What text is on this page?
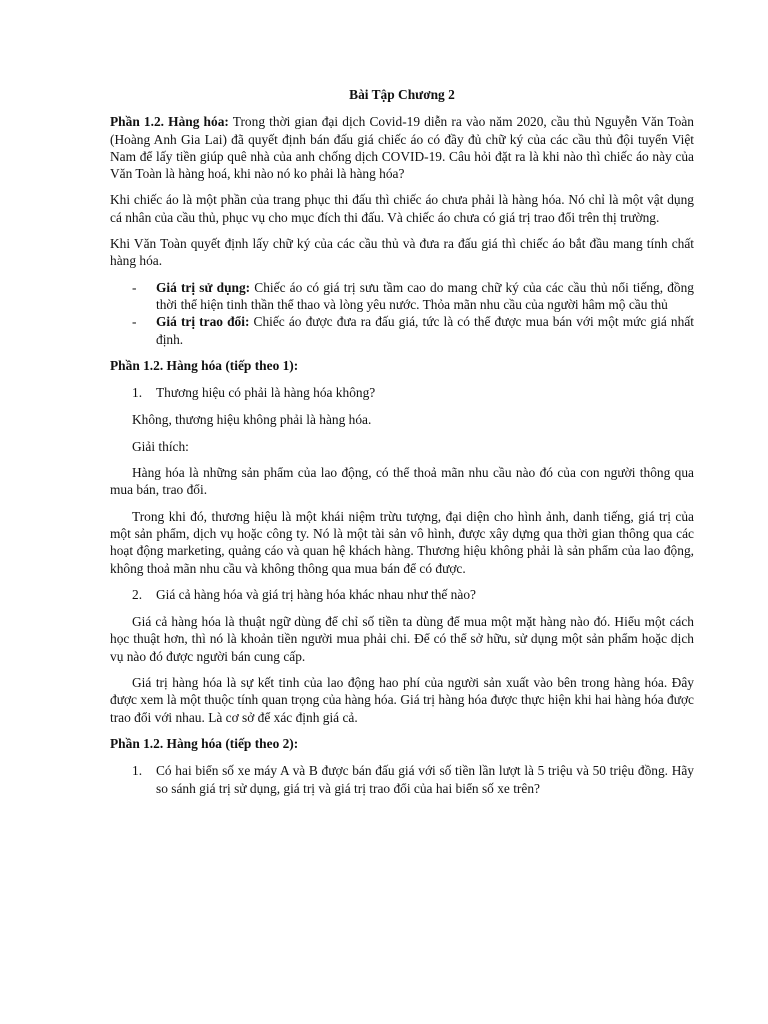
Bài Tập Chương 2

Phần 1.2. Hàng hóa: Trong thời gian đại dịch Covid-19 diễn ra vào năm 2020, cầu thủ Nguyễn Văn Toàn (Hoàng Anh Gia Lai) đã quyết định bán đấu giá chiếc áo có đầy đủ chữ ký của các cầu thủ đội tuyển Việt Nam để lấy tiền giúp quê nhà của anh chống dịch COVID-19. Câu hỏi đặt ra là khi nào thì chiếc áo này của Văn Toàn là hàng hoá, khi nào nó ko phải là hàng hóa?

Khi chiếc áo là một phần của trang phục thi đấu thì chiếc áo chưa phải là hàng hóa. Nó chỉ là một vật dụng cá nhân của cầu thủ, phục vụ cho mục đích thi đấu. Và chiếc áo chưa có giá trị trao đổi trên thị trường.

Khi Văn Toàn quyết định lấy chữ ký của các cầu thủ và đưa ra đấu giá thì chiếc áo bắt đầu mang tính chất hàng hóa.

- Giá trị sử dụng: Chiếc áo có giá trị sưu tầm cao do mang chữ ký của các cầu thủ nổi tiếng, đồng thời thể hiện tinh thần thể thao và lòng yêu nước. Thỏa mãn nhu cầu của người hâm mộ cầu thủ
- Giá trị trao đổi: Chiếc áo được đưa ra đấu giá, tức là có thể được mua bán với một mức giá nhất định.
Phần 1.2. Hàng hóa (tiếp theo 1):
1. Thương hiệu có phải là hàng hóa không?

Không, thương hiệu không phải là hàng hóa.

Giải thích:

Hàng hóa là những sản phẩm của lao động, có thể thoả mãn nhu cầu nào đó của con người thông qua mua bán, trao đổi.

Trong khi đó, thương hiệu là một khái niệm trừu tượng, đại diện cho hình ảnh, danh tiếng, giá trị của một sản phẩm, dịch vụ hoặc công ty. Nó là một tài sản vô hình, được xây dựng qua thời gian thông qua các hoạt động marketing, quảng cáo và quan hệ khách hàng. Thương hiệu không phải là sản phẩm của lao động, không thoả mãn nhu cầu và không thông qua mua bán để có được.

2. Giá cả hàng hóa và giá trị hàng hóa khác nhau như thế nào?

Giá cả hàng hóa là thuật ngữ dùng để chỉ số tiền ta dùng để mua một mặt hàng nào đó. Hiểu một cách học thuật hơn, thì nó là khoản tiền người mua phải chi. Để có thể sở hữu, sử dụng một sản phẩm hoặc dịch vụ nào đó được người bán cung cấp.

Giá trị hàng hóa là sự kết tinh của lao động hao phí của người sản xuất vào bên trong hàng hóa. Đây được xem là một thuộc tính quan trọng của hàng hóa. Giá trị hàng hóa được thực hiện khi hai hàng hóa được trao đổi với nhau. Là cơ sở để xác định giá cả.

Phần 1.2. Hàng hóa (tiếp theo 2):
1. Có hai biển số xe máy A và B được bán đấu giá với số tiền lần lượt là 5 triệu và 50 triệu đồng. Hãy so sánh giá trị sử dụng, giá trị và giá trị trao đổi của hai biển số xe trên?
